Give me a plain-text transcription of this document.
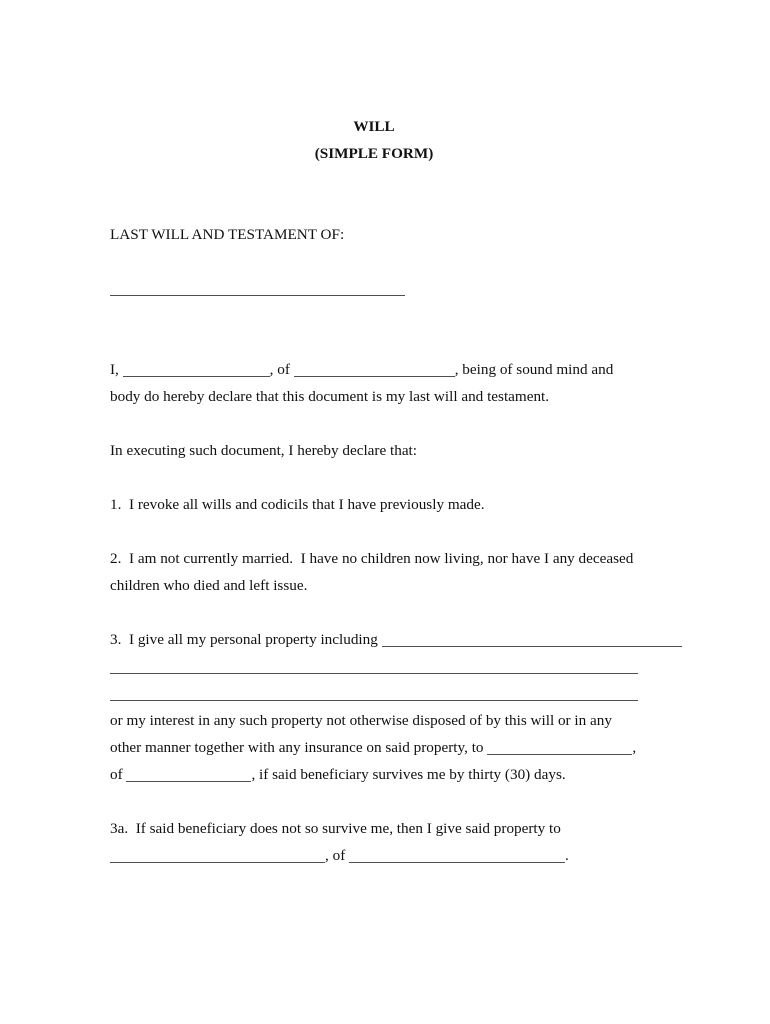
WILL
(SIMPLE FORM)
LAST WILL AND TESTAMENT OF:
I,	, of	, being of sound mind and
body do hereby declare that this document is my last will and testament.
In executing such document, I hereby declare that:
1.  I revoke all wills and codicils that I have previously made.
2.  I am not currently married.  I have no children now living, nor have I any deceased
children who died and left issue.
3.  I give all my personal property including
or my interest in any such property not otherwise disposed of by this will or in any
other manner together with any insurance on said property, to	,
of	, if said beneficiary survives me by thirty (30) days.
3a.  If said beneficiary does not so survive me, then I give said property to
, of	.
